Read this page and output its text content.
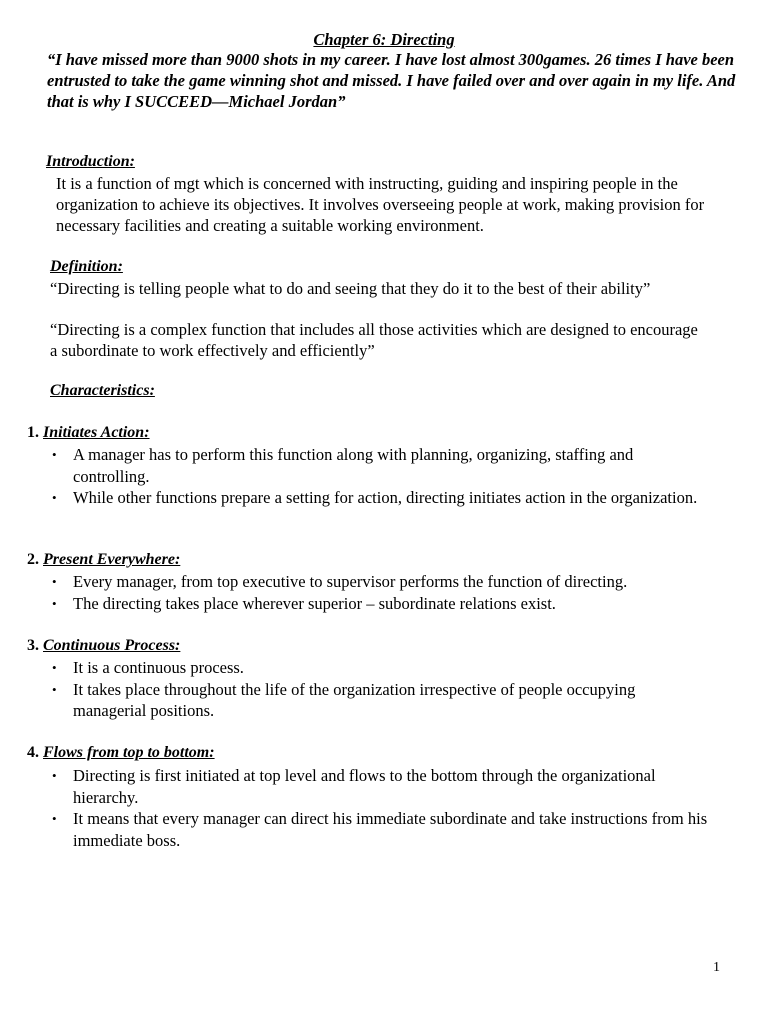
Chapter 6: Directing
“I have missed more than 9000 shots in my career. I have lost almost 300games. 26 times I have been entrusted to take the game winning shot and missed. I have failed over and over again in my life. And that is why I SUCCEED—Michael Jordan”
Introduction:
It is a function of mgt which is concerned with instructing, guiding and inspiring people in the organization to achieve its objectives. It involves overseeing people at work, making provision for necessary facilities and creating a suitable working environment.
Definition:
“Directing is telling people what to do and seeing that they do it to the best of their ability”
“Directing is a complex function that includes all those activities which are designed to encourage a subordinate to work effectively and efficiently”
Characteristics:
1. Initiates Action:
• A manager has to perform this function along with planning, organizing, staffing and controlling.
• While other functions prepare a setting for action, directing initiates action in the organization.
2. Present Everywhere:
• Every manager, from top executive to supervisor performs the function of directing.
• The directing takes place wherever superior – subordinate relations exist.
3. Continuous Process:
• It is a continuous process.
• It takes place throughout the life of the organization irrespective of people occupying managerial positions.
4. Flows from top to bottom:
• Directing is first initiated at top level and flows to the bottom through the organizational hierarchy.
• It means that every manager can direct his immediate subordinate and take instructions from his immediate boss.
1
